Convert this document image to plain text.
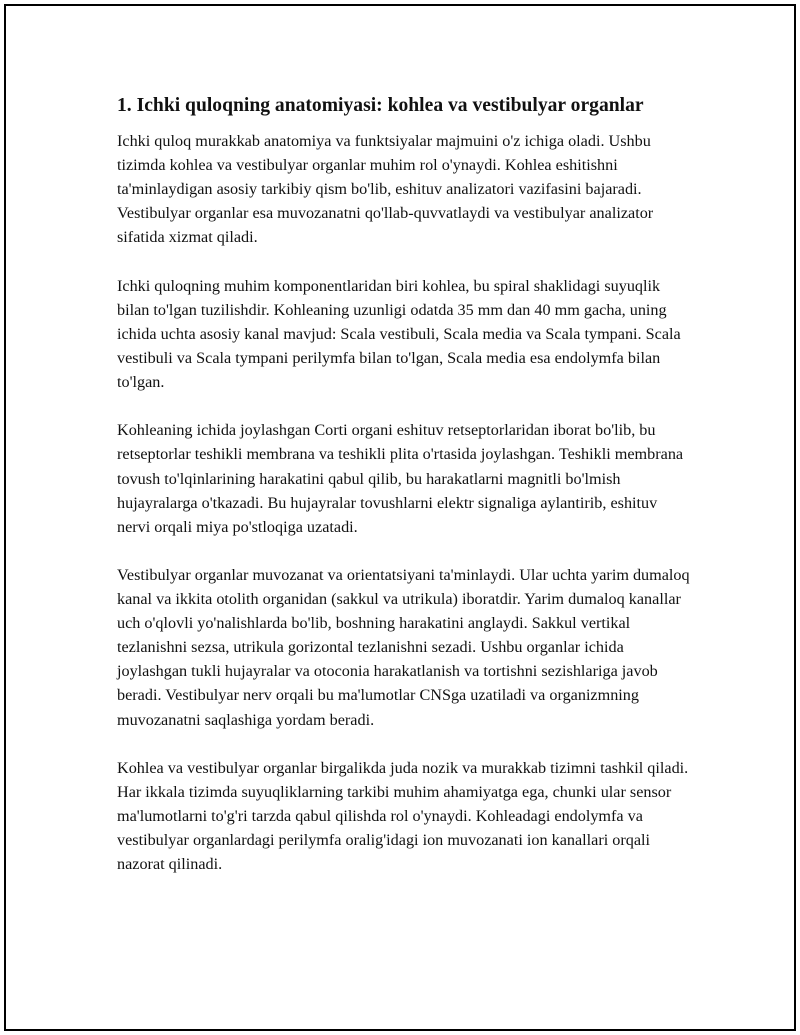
1. Ichki quloqning anatomiyasi: kohlea va vestibulyar organlar

Ichki quloq murakkab anatomiya va funktsiyalar majmuini o'z ichiga oladi. Ushbu tizimda kohlea va vestibulyar organlar muhim rol o'ynaydi. Kohlea eshitishni ta'minlaydigan asosiy tarkibiy qism bo'lib, eshituv analizatori vazifasini bajaradi. Vestibulyar organlar esa muvozanatni qo'llab-quvvatlaydi va vestibulyar analizator sifatida xizmat qiladi.

Ichki quloqning muhim komponentlaridan biri kohlea, bu spiral shaklidagi suyuqlik bilan to'lgan tuzilishdir. Kohleaning uzunligi odatda 35 mm dan 40 mm gacha, uning ichida uchta asosiy kanal mavjud: Scala vestibuli, Scala media va Scala tympani. Scala vestibuli va Scala tympani perilymfa bilan to'lgan, Scala media esa endolymfa bilan to'lgan.

Kohleaning ichida joylashgan Corti organi eshituv retseptorlaridan iborat bo'lib, bu retseptorlar teshikli membrana va teshikli plita o'rtasida joylashgan. Teshikli membrana tovush to'lqinlarining harakatini qabul qilib, bu harakatlarni magnitli bo'lmish hujayralarga o'tkazadi. Bu hujayralar tovushlarni elektr signaliga aylantirib, eshituv nervi orqali miya po'stloqiga uzatadi.

Vestibulyar organlar muvozanat va orientatsiyani ta'minlaydi. Ular uchta yarim dumaloq kanal va ikkita otolith organidan (sakkul va utrikula) iboratdir. Yarim dumaloq kanallar uch o'qlovli yo'nalishlarda bo'lib, boshning harakatini anglaydi. Sakkul vertikal tezlanishni sezsa, utrikula gorizontal tezlanishni sezadi. Ushbu organlar ichida joylashgan tukli hujayralar va otoconia harakatlanish va tortishni sezishlariga javob beradi. Vestibulyar nerv orqali bu ma'lumotlar CNSga uzatiladi va organizmning muvozanatni saqlashiga yordam beradi.

Kohlea va vestibulyar organlar birgalikda juda nozik va murakkab tizimni tashkil qiladi. Har ikkala tizimda suyuqliklarning tarkibi muhim ahamiyatga ega, chunki ular sensor ma'lumotlarni to'g'ri tarzda qabul qilishda rol o'ynaydi. Kohleadagi endolymfa va vestibulyar organlardagi perilymfa oralig'idagi ion muvozanati ion kanallari orqali nazorat qilinadi.
